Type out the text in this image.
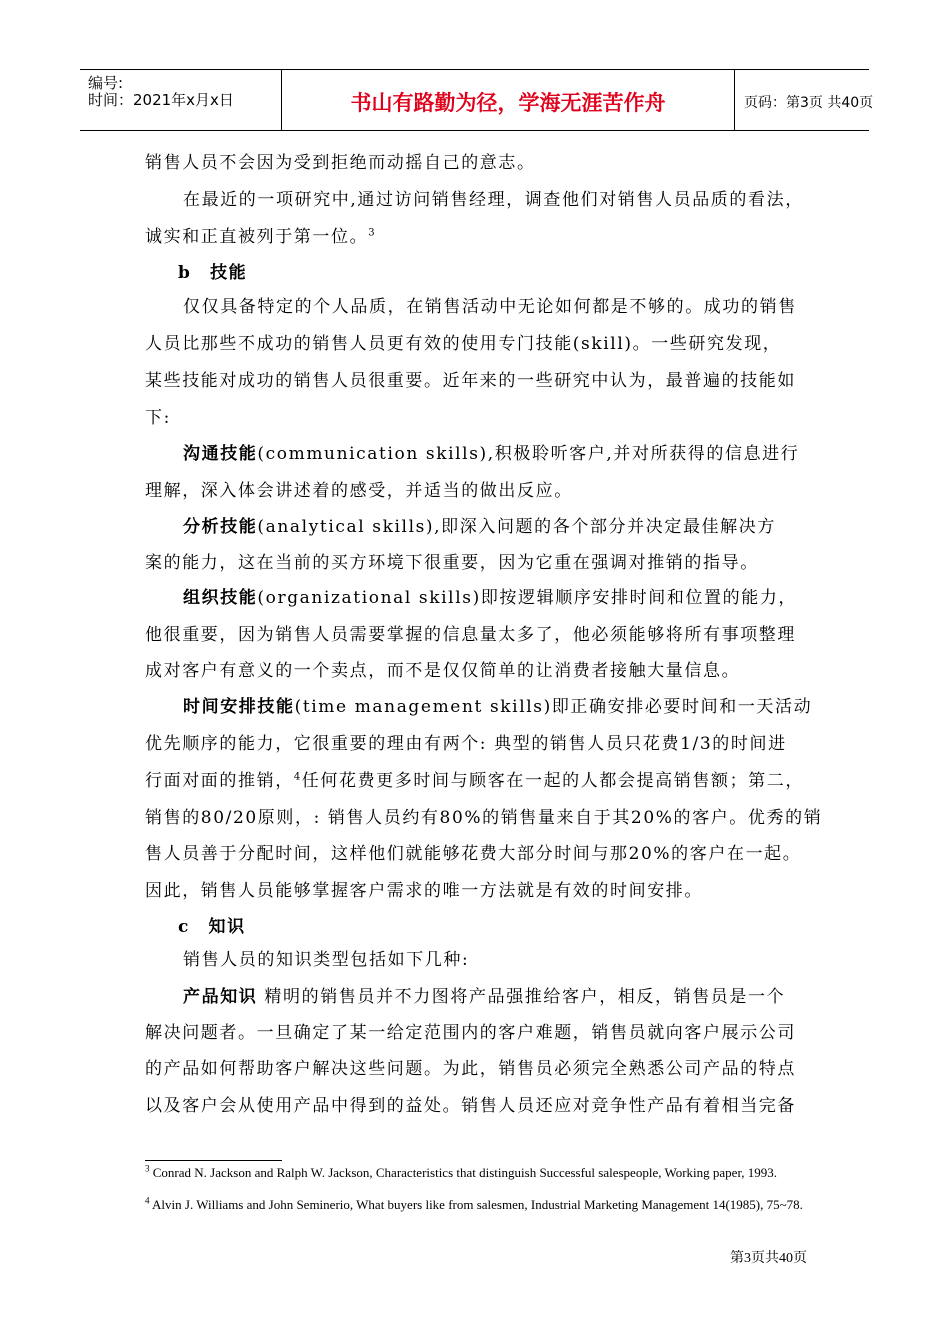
编号:
时间：2021年x月x日	书山有路勤为径，学海无涯苦作舟	页码：第3页 共40页
销售人员不会因为受到拒绝而动摇自己的意志。
在最近的一项研究中,通过访问销售经理，调查他们对销售人员品质的看法，
诚实和正直被列于第一位。$^3$
b　技能
仅仅具备特定的个人品质，在销售活动中无论如何都是不够的。成功的销售
人员比那些不成功的销售人员更有效的使用专门技能(skill)。一些研究发现，
某些技能对成功的销售人员很重要。近年来的一些研究中认为，最普遍的技能如
下:
沟通技能(communication skills),积极聆听客户,并对所获得的信息进行
理解，深入体会讲述着的感受，并适当的做出反应。
分析技能(analytical skills),即深入问题的各个部分并决定最佳解决方
案的能力，这在当前的买方环境下很重要，因为它重在强调对推销的指导。
组织技能(organizational skills)即按逻辑顺序安排时间和位置的能力，
他很重要，因为销售人员需要掌握的信息量太多了，他必须能够将所有事项整理
成对客户有意义的一个卖点，而不是仅仅简单的让消费者接触大量信息。
时间安排技能(time management skills)即正确安排必要时间和一天活动
优先顺序的能力，它很重要的理由有两个: 典型的销售人员只花费1/3的时间进
行面对面的推销，$^4$任何花费更多时间与顾客在一起的人都会提高销售额；第二，
销售的80/20原则，: 销售人员约有80%的销售量来自于其20%的客户。优秀的销
售人员善于分配时间，这样他们就能够花费大部分时间与那20%的客户在一起。
因此，销售人员能够掌握客户需求的唯一方法就是有效的时间安排。
c　知识
销售人员的知识类型包括如下几种:
产品知识 精明的销售员并不力图将产品强推给客户，相反，销售员是一个
解决问题者。一旦确定了某一给定范围内的客户难题，销售员就向客户展示公司
的产品如何帮助客户解决这些问题。为此，销售员必须完全熟悉公司产品的特点
以及客户会从使用产品中得到的益处。销售人员还应对竞争性产品有着相当完备
$^3$ Conrad N. Jackson and Ralph W. Jackson, Characteristics that distinguish Successful salespeople, Working paper, 1993.
$^4$ Alvin J. Williams and John Seminerio, What buyers like from salesmen, Industrial Marketing Management 14(1985), 75~78.
第3页共40页
